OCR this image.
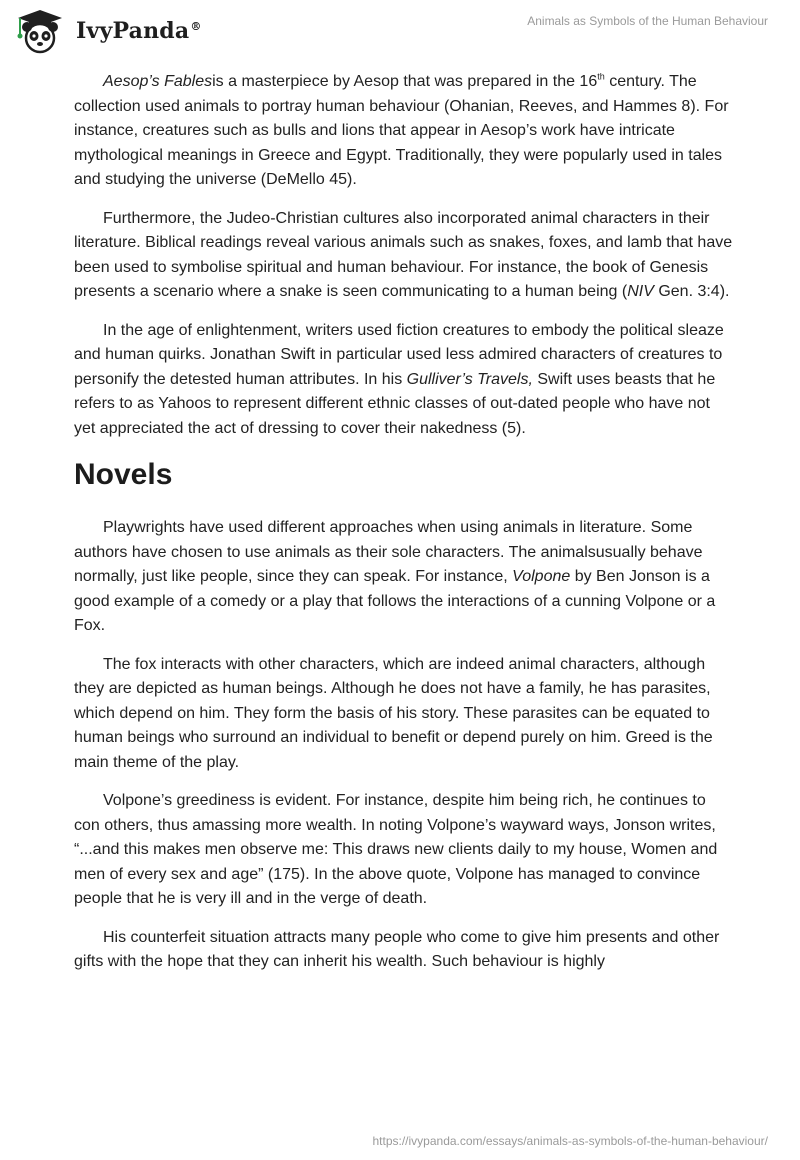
IvyPanda®	Animals as Symbols of the Human Behaviour

Aesop’s Fablesis a masterpiece by Aesop that was prepared in the 16th century. The collection used animals to portray human behaviour (Ohanian, Reeves, and Hammes 8). For instance, creatures such as bulls and lions that appear in Aesop’s work have intricate mythological meanings in Greece and Egypt. Traditionally, they were popularly used in tales and studying the universe (DeMello 45).

Furthermore, the Judeo-Christian cultures also incorporated animal characters in their literature. Biblical readings reveal various animals such as snakes, foxes, and lamb that have been used to symbolise spiritual and human behaviour. For instance, the book of Genesis presents a scenario where a snake is seen communicating to a human being (NIV Gen. 3:4).

In the age of enlightenment, writers used fiction creatures to embody the political sleaze and human quirks. Jonathan Swift in particular used less admired characters of creatures to personify the detested human attributes. In his Gulliver’s Travels, Swift uses beasts that he refers to as Yahoos to represent different ethnic classes of out-dated people who have not yet appreciated the act of dressing to cover their nakedness (5).

Novels

Playwrights have used different approaches when using animals in literature. Some authors have chosen to use animals as their sole characters. The animalsusually behave normally, just like people, since they can speak. For instance, Volpone by Ben Jonson is a good example of a comedy or a play that follows the interactions of a cunning Volpone or a Fox.

The fox interacts with other characters, which are indeed animal characters, although they are depicted as human beings. Although he does not have a family, he has parasites, which depend on him. They form the basis of his story. These parasites can be equated to human beings who surround an individual to benefit or depend purely on him. Greed is the main theme of the play.

Volpone’s greediness is evident. For instance, despite him being rich, he continues to con others, thus amassing more wealth. In noting Volpone’s wayward ways, Jonson writes, “...and this makes men observe me: This draws new clients daily to my house, Women and men of every sex and age” (175). In the above quote, Volpone has managed to convince people that he is very ill and in the verge of death.

His counterfeit situation attracts many people who come to give him presents and other gifts with the hope that they can inherit his wealth. Such behaviour is highly

https://ivypanda.com/essays/animals-as-symbols-of-the-human-behaviour/
